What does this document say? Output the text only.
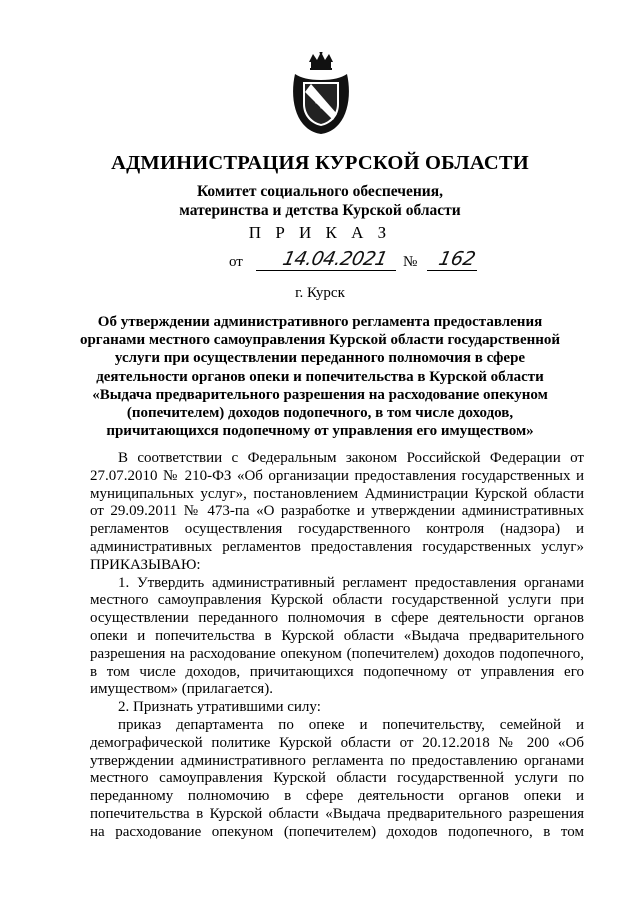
АДМИНИСТРАЦИЯ КУРСКОЙ ОБЛАСТИ
Комитет социального обеспечения,
материнства и детства Курской области
П Р И К А З
от 14.04.2021 № 162
г. Курск
Об утверждении административного регламента предоставления
органами местного самоуправления Курской области государственной
услуги при осуществлении переданного полномочия в сфере
деятельности органов опеки и попечительства в Курской области
«Выдача предварительного разрешения на расходование опекуном
(попечителем) доходов подопечного, в том числе доходов,
причитающихся подопечному от управления его имуществом»

В соответствии с Федеральным законом Российской Федерации от 27.07.2010 № 210-ФЗ «Об организации предоставления государственных и муниципальных услуг», постановлением Администрации Курской области от 29.09.2011 № 473-па «О разработке и утверждении административных регламентов осуществления государственного контроля (надзора) и административных регламентов предоставления государственных услуг» ПРИКАЗЫВАЮ:

1. Утвердить административный регламент предоставления органами местного самоуправления Курской области государственной услуги при осуществлении переданного полномочия в сфере деятельности органов опеки и попечительства в Курской области «Выдача предварительного разрешения на расходование опекуном (попечителем) доходов подопечного, в том числе доходов, причитающихся подопечному от управления его имуществом» (прилагается).

2. Признать утратившими силу:

приказ департамента по опеке и попечительству, семейной и демографической политике Курской области от 20.12.2018 № 200 «Об утверждении административного регламента по предоставлению органами местного самоуправления Курской области государственной услуги по переданному полномочию в сфере деятельности органов опеки и попечительства в Курской области «Выдача предварительного разрешения на расходование опекуном (попечителем) доходов подопечного, в том
